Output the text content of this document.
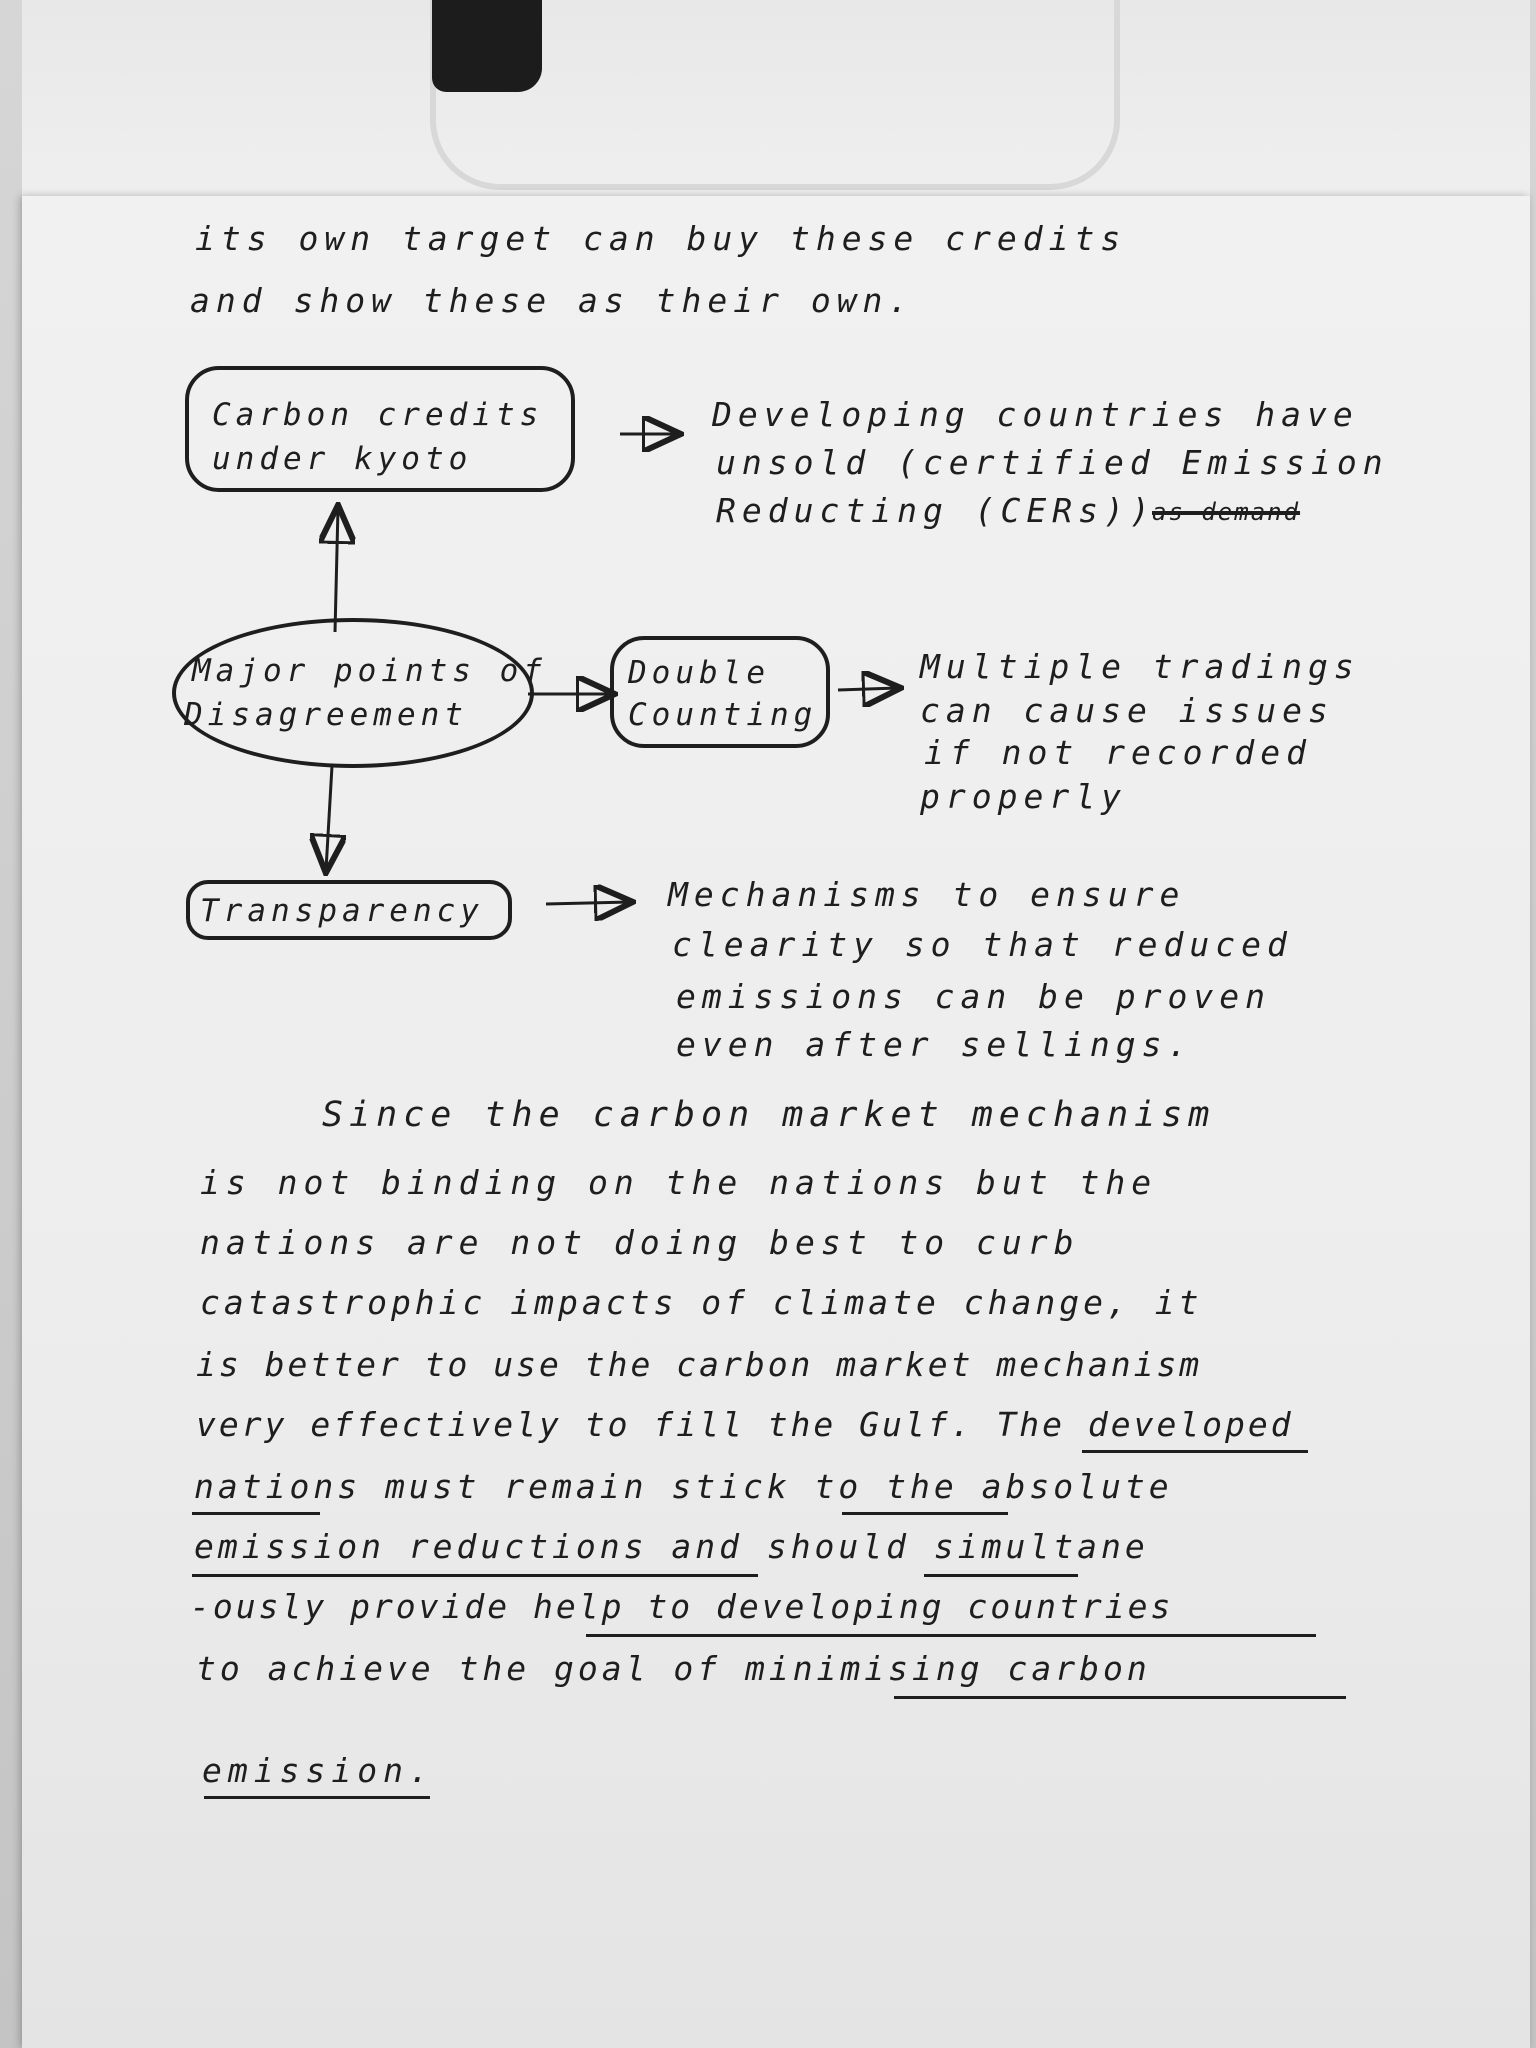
its own target can buy these credits
and show these as their own.
Carbon credits
under kyoto
Developing countries have
unsold (certified Emission
Reducting (CERs))
as demand
Major points of
Disagreement
Double
Counting
Multiple tradings
can cause issues
if not recorded
properly
Transparency	Mechanisms to ensure
clearity so that reduced
emissions can be proven
even after sellings.
Since the carbon market mechanism
is not binding on the nations but the
nations are not doing best to curb
catastrophic impacts of climate change, it
is better to use the carbon market mechanism
very effectively to fill the Gulf. The developed
nations must remain stick to the absolute
emission reductions and should simultane
-ously provide help to developing countries
to achieve the goal of minimising carbon
emission.
